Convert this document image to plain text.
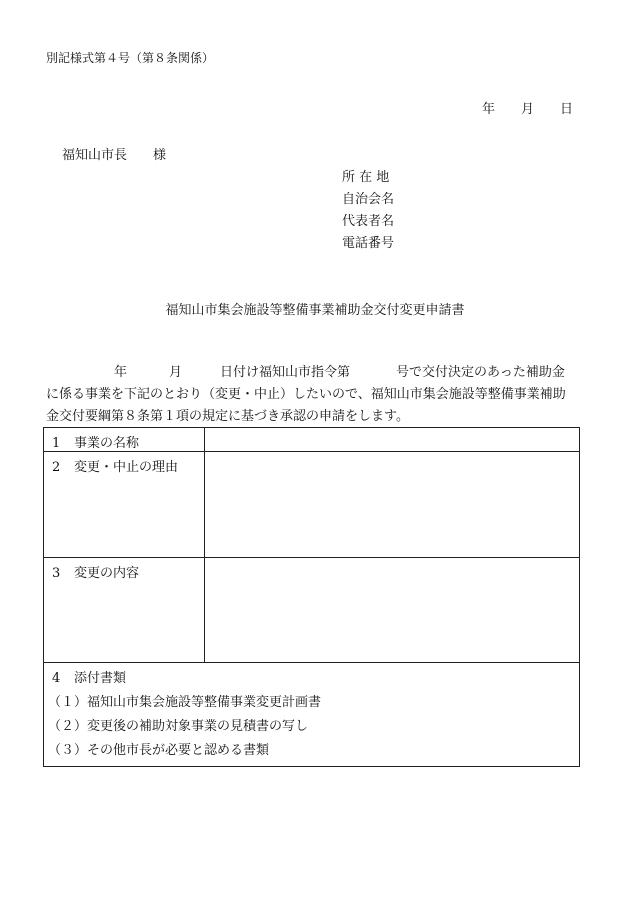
別記様式第４号（第８条関係）
年 月 日
福知山市長　　様
所 在 地
自治会名
代表者名
電話番号
福知山市集会施設等整備事業補助金交付変更申請書
年	月	日付け福知山市指令第	号で交付決定のあった補助金
に係る事業を下記のとおり（変更・中止）したいので、福知山市集会施設等整備事業補助
金交付要綱第８条第１項の規定に基づき承認の申請をします。
1 事業の名称	
2 変更・中止の理由	
3 変更の内容	

4 添付書類
（１）福知山市集会施設等整備事業変更計画書
（２）変更後の補助対象事業の見積書の写し
（３）その他市長が必要と認める書類	
